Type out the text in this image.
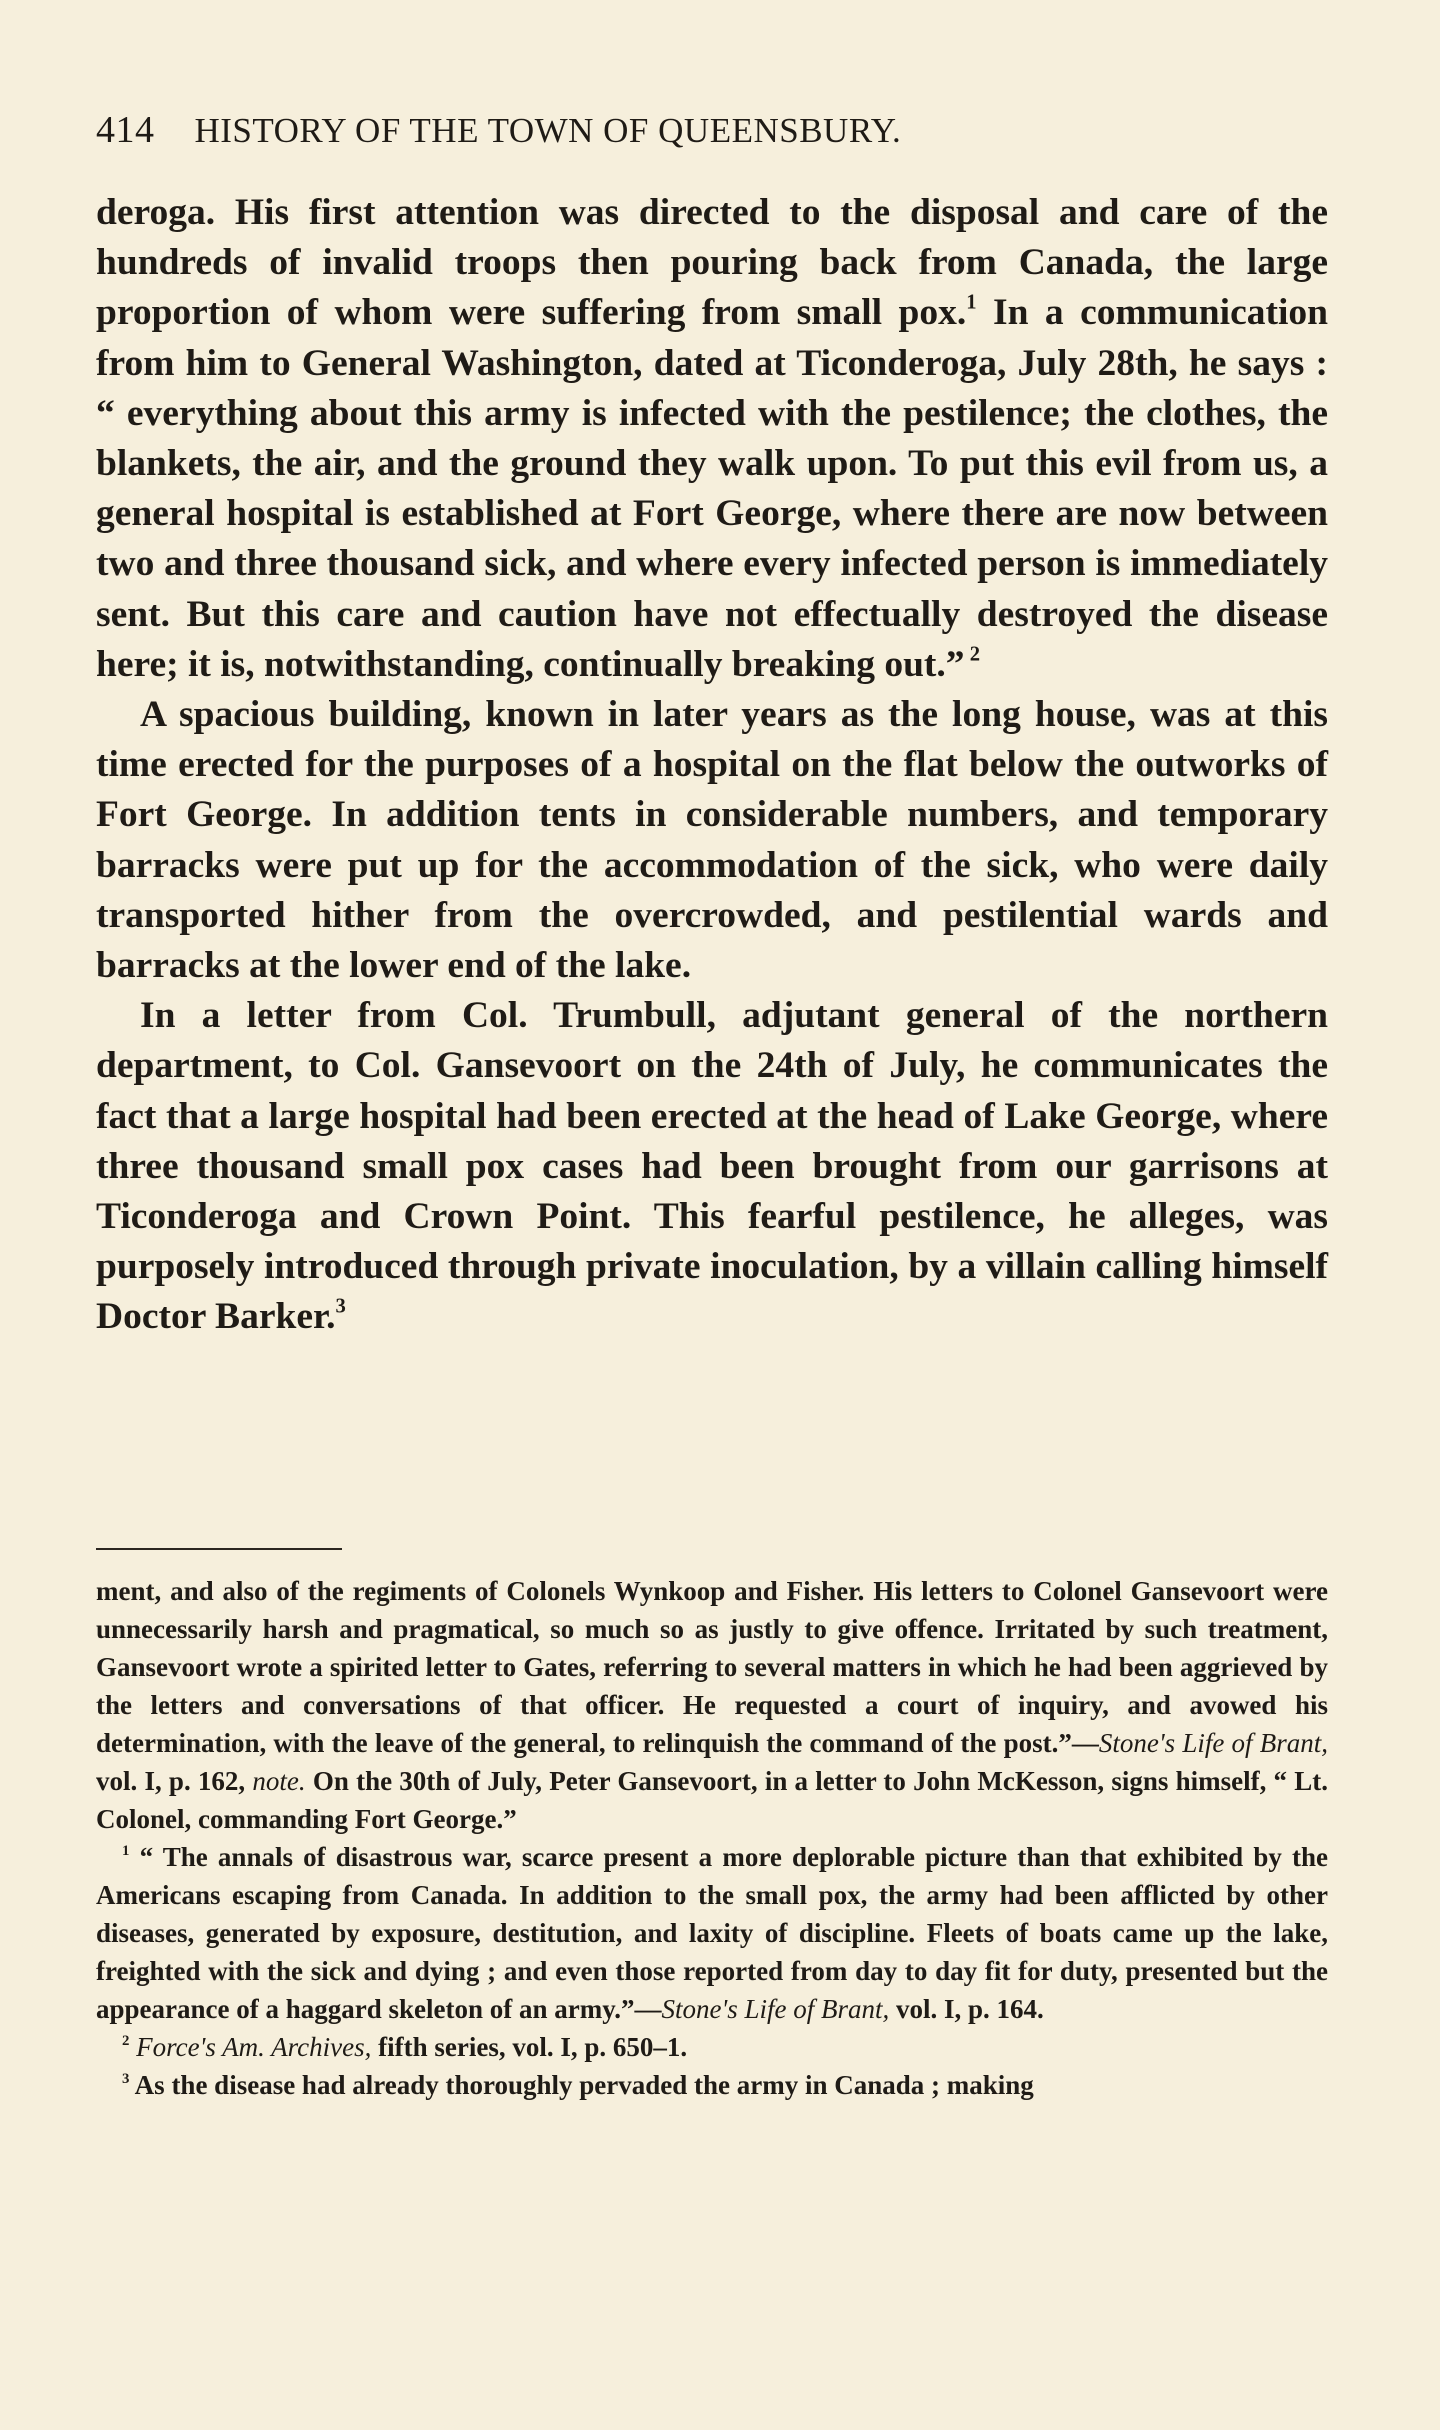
414 HISTORY OF THE TOWN OF QUEENSBURY.

deroga. His first attention was directed to the disposal and care of the hundreds of invalid troops then pouring back from Canada, the large proportion of whom were suffering from small pox.$^1$ In a communication from him to General Washington, dated at Ticonderoga, July 28th, he says : “ everything about this army is infected with the pestilence; the clothes, the blankets, the air, and the ground they walk upon. To put this evil from us, a general hospital is established at Fort George, where there are now between two and three thousand sick, and where every infected person is immediately sent. But this care and caution have not effectually destroyed the disease here; it is, notwithstanding, continually breaking out.” $^2$

A spacious building, known in later years as the long house, was at this time erected for the purposes of a hospital on the flat below the outworks of Fort George. In addition tents in considerable numbers, and temporary barracks were put up for the accommodation of the sick, who were daily transported hither from the overcrowded, and pestilential wards and barracks at the lower end of the lake.

In a letter from Col. Trumbull, adjutant general of the northern department, to Col. Gansevoort on the 24th of July, he communicates the fact that a large hospital had been erected at the head of Lake George, where three thousand small pox cases had been brought from our garrisons at Ticonderoga and Crown Point. This fearful pestilence, he alleges, was purposely introduced through private inoculation, by a villain calling himself Doctor Barker.$^3$

ment, and also of the regiments of Colonels Wynkoop and Fisher. His letters to Colonel Gansevoort were unnecessarily harsh and pragmatical, so much so as justly to give offence. Irritated by such treatment, Gansevoort wrote a spirited letter to Gates, referring to several matters in which he had been aggrieved by the letters and conversations of that officer. He requested a court of inquiry, and avowed his determination, with the leave of the general, to relinquish the command of the post.”—Stone's Life of Brant, vol. I, p. 162, note. On the 30th of July, Peter Gansevoort, in a letter to John McKesson, signs himself, “ Lt. Colonel, commanding Fort George.”

$^1$ “ The annals of disastrous war, scarce present a more deplorable picture than that exhibited by the Americans escaping from Canada. In addition to the small pox, the army had been afflicted by other diseases, generated by exposure, destitution, and laxity of discipline. Fleets of boats came up the lake, freighted with the sick and dying ; and even those reported from day to day fit for duty, presented but the appearance of a haggard skeleton of an army.”—Stone's Life of Brant, vol. I, p. 164.

$^2$ Force's Am. Archives, fifth series, vol. I, p. 650–1.

$^3$ As the disease had already thoroughly pervaded the army in Canada ; making
